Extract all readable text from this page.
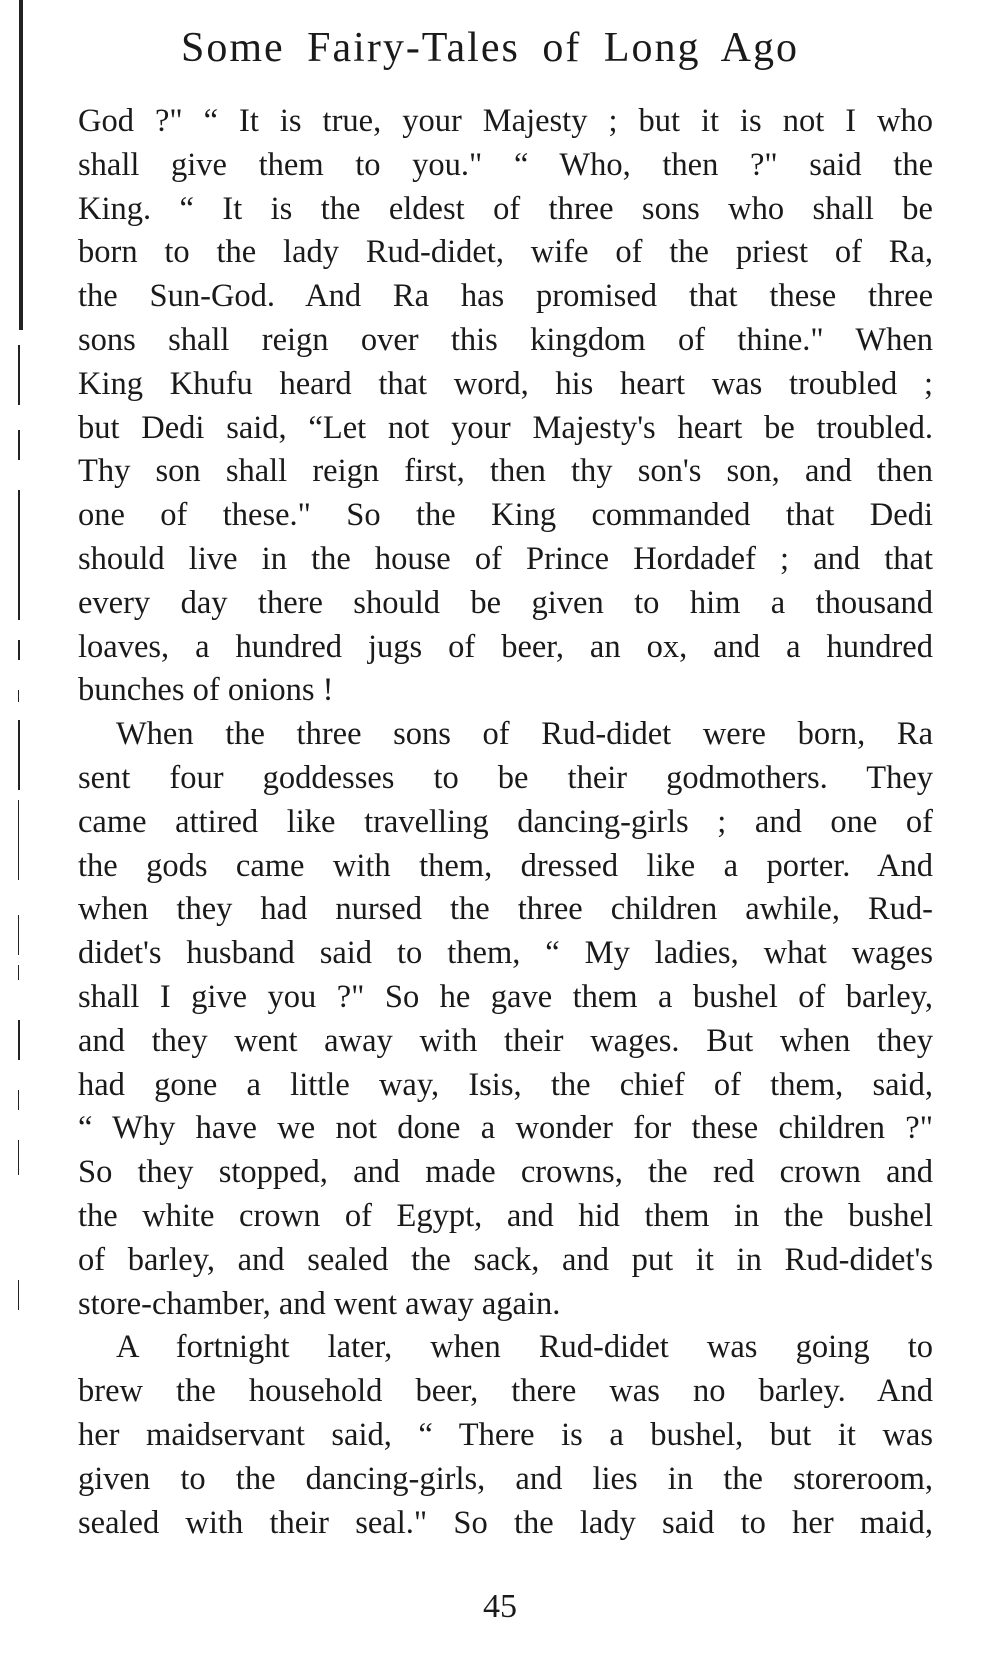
Some Fairy-Tales of Long Ago
God ?" “ It is true, your Majesty ; but it is not I who
shall give them to you." “ Who, then ?" said the
King. “ It is the eldest of three sons who shall be
born to the lady Rud-didet, wife of the priest of Ra,
the Sun-God. And Ra has promised that these three
sons shall reign over this kingdom of thine." When
King Khufu heard that word, his heart was troubled ;
but Dedi said, “Let not your Majesty's heart be troubled.
Thy son shall reign first, then thy son's son, and then
one of these." So the King commanded that Dedi
should live in the house of Prince Hordadef ; and that
every day there should be given to him a thousand
loaves, a hundred jugs of beer, an ox, and a hundred
bunches of onions !
When the three sons of Rud-didet were born, Ra
sent four goddesses to be their godmothers. They
came attired like travelling dancing-girls ; and one of
the gods came with them, dressed like a porter. And
when they had nursed the three children awhile, Rud-
didet's husband said to them, “ My ladies, what wages
shall I give you ?" So he gave them a bushel of barley,
and they went away with their wages. But when they
had gone a little way, Isis, the chief of them, said,
“ Why have we not done a wonder for these children ?"
So they stopped, and made crowns, the red crown and
the white crown of Egypt, and hid them in the bushel
of barley, and sealed the sack, and put it in Rud-didet's
store-chamber, and went away again.
A fortnight later, when Rud-didet was going to
brew the household beer, there was no barley. And
her maidservant said, “ There is a bushel, but it was
given to the dancing-girls, and lies in the storeroom,
sealed with their seal." So the lady said to her maid,
45
